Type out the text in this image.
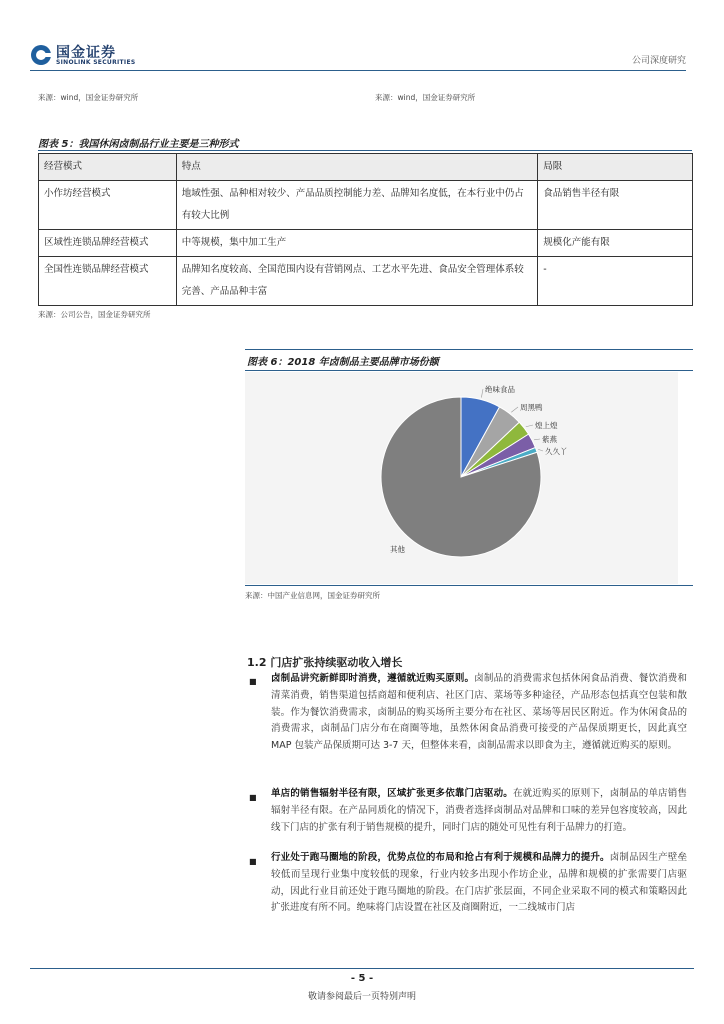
国金证券
SINOLINK SECURITIES	公司深度研究
来源：wind，国金证券研究所	来源：wind，国金证券研究所
图表 5：我国休闲卤制品行业主要是三种形式
经营模式	特点	局限
小作坊经营模式	地域性强、品种相对较少、产品品质控制能力差、品牌知名度低，在本行业中仍占有较大比例	食品销售半径有限
区域性连锁品牌经营模式	中等规模，集中加工生产	规模化产能有限
全国性连锁品牌经营模式	品牌知名度较高、全国范围内设有营销网点、工艺水平先进、食品安全管理体系较完善、产品品种丰富	-
来源：公司公告，国金证券研究所
图表 6：2018 年卤制品主要品牌市场份额
绝味食品
周黑鸭
煌上煌
紫燕
久久丫
其他
来源：中国产业信息网，国金证券研究所
1.2 门店扩张持续驱动收入增长
■ 卤制品讲究新鲜即时消费，遵循就近购买原则。卤制品的消费需求包括休闲食品消费、餐饮消费和清菜消费，销售渠道包括商超和便利店、社区门店、菜场等多种途径，产品形态包括真空包装和散装。作为餐饮消费需求，卤制品的购买场所主要分布在社区、菜场等居民区附近。作为休闲食品的消费需求，卤制品门店分布在商圈等地，虽然休闲食品消费可接受的产品保质期更长，因此真空 MAP 包装产品保质期可达 3-7 天，但整体来看，卤制品需求以即食为主，遵循就近购买的原则。
■ 单店的销售辐射半径有限，区域扩张更多依靠门店驱动。在就近购买的原则下，卤制品的单店销售辐射半径有限。在产品同质化的情况下，消费者选择卤制品对品牌和口味的差异包容度较高，因此线下门店的扩张有利于销售规模的提升，同时门店的随处可见性有利于品牌力的打造。
■ 行业处于跑马圈地的阶段，优势点位的布局和抢占有利于规模和品牌力的提升。卤制品因生产壁垒较低而呈现行业集中度较低的现象，行业内较多出现小作坊企业，品牌和规模的扩张需要门店驱动，因此行业目前还处于跑马圈地的阶段。在门店扩张层面，不同企业采取不同的模式和策略因此扩张进度有所不同。绝味将门店设置在社区及商圈附近，一二线城市门店
- 5 -
敬请参阅最后一页特别声明
